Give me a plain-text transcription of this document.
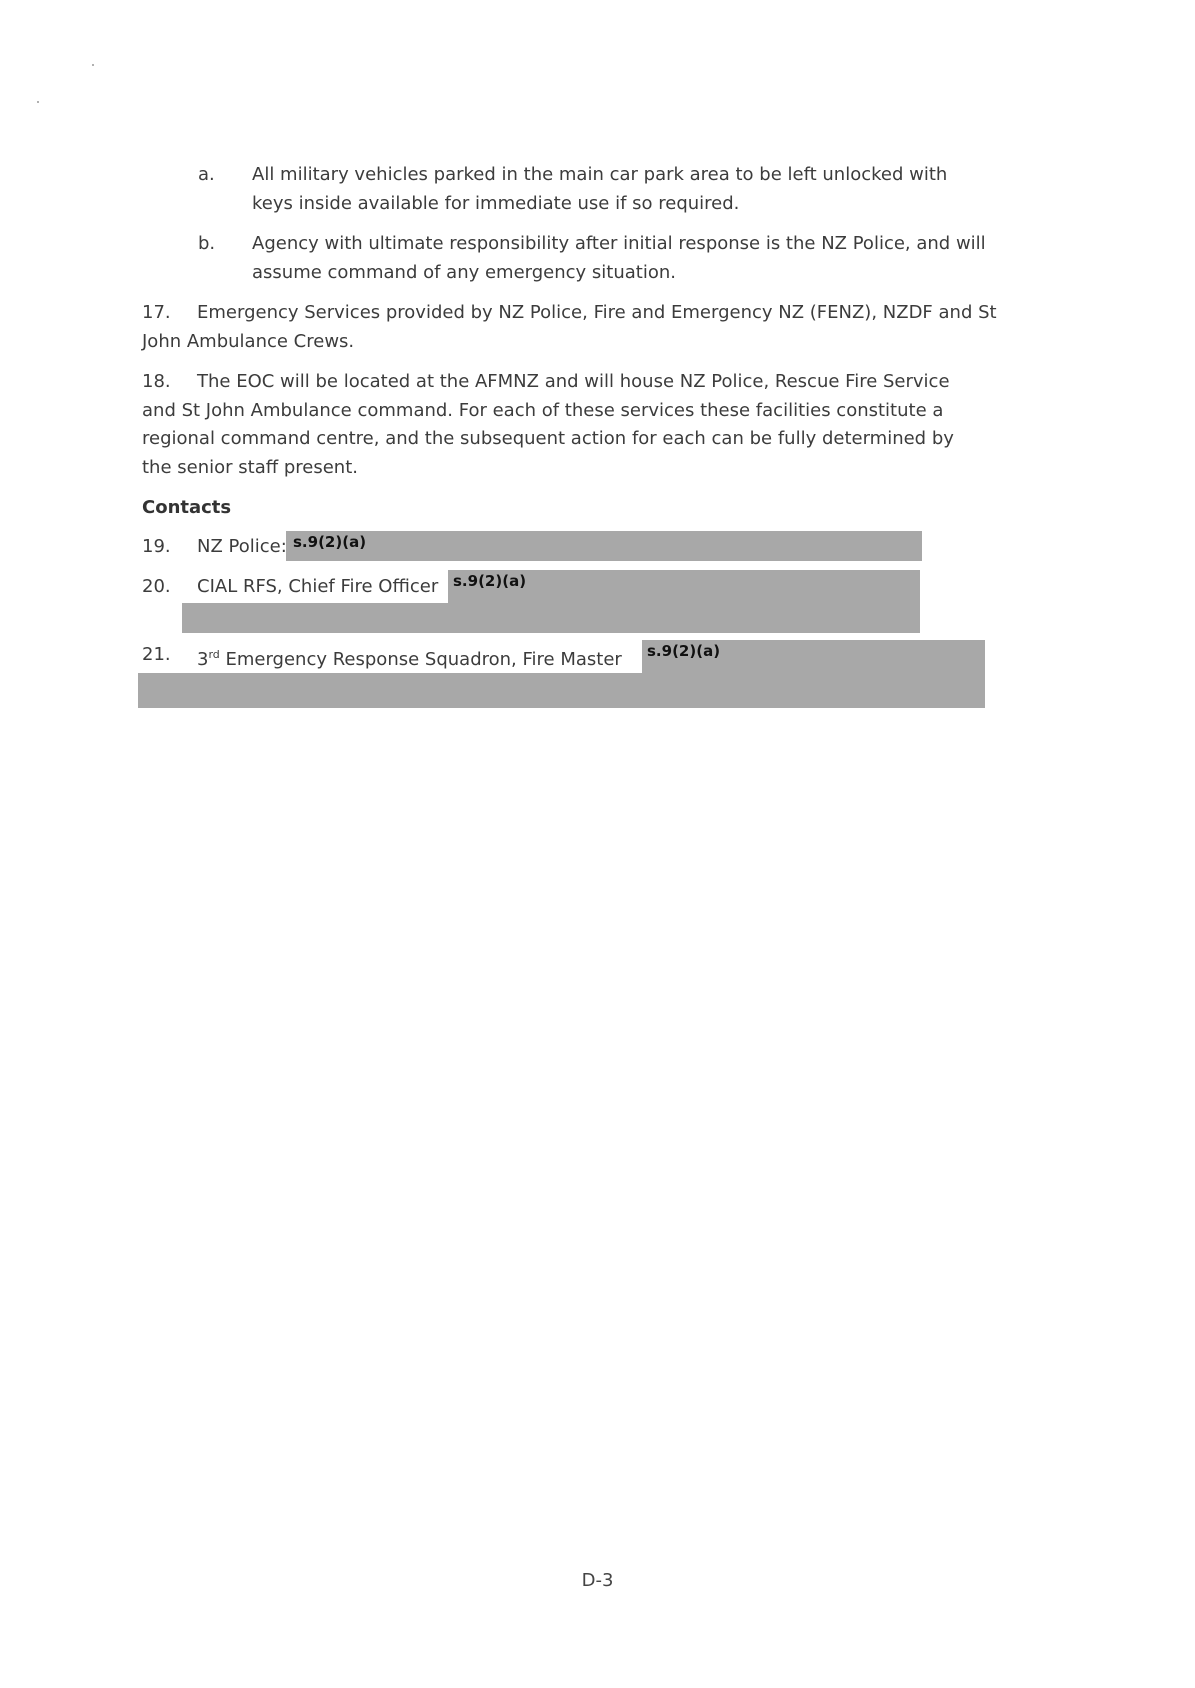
a. All military vehicles parked in the main car park area to be left unlocked with
keys inside available for immediate use if so required.
b. Agency with ultimate responsibility after initial response is the NZ Police, and will
assume command of any emergency situation.
17. Emergency Services provided by NZ Police, Fire and Emergency NZ (FENZ), NZDF and St
John Ambulance Crews.
18. The EOC will be located at the AFMNZ and will house NZ Police, Rescue Fire Service
and St John Ambulance command. For each of these services these facilities constitute a
regional command centre, and the subsequent action for each can be fully determined by
the senior staff present.
Contacts
19. NZ Police: s.9(2)(a)
20. CIAL RFS, Chief Fire Officer s.9(2)(a)
21. 3rd Emergency Response Squadron, Fire Master s.9(2)(a)
D-3
